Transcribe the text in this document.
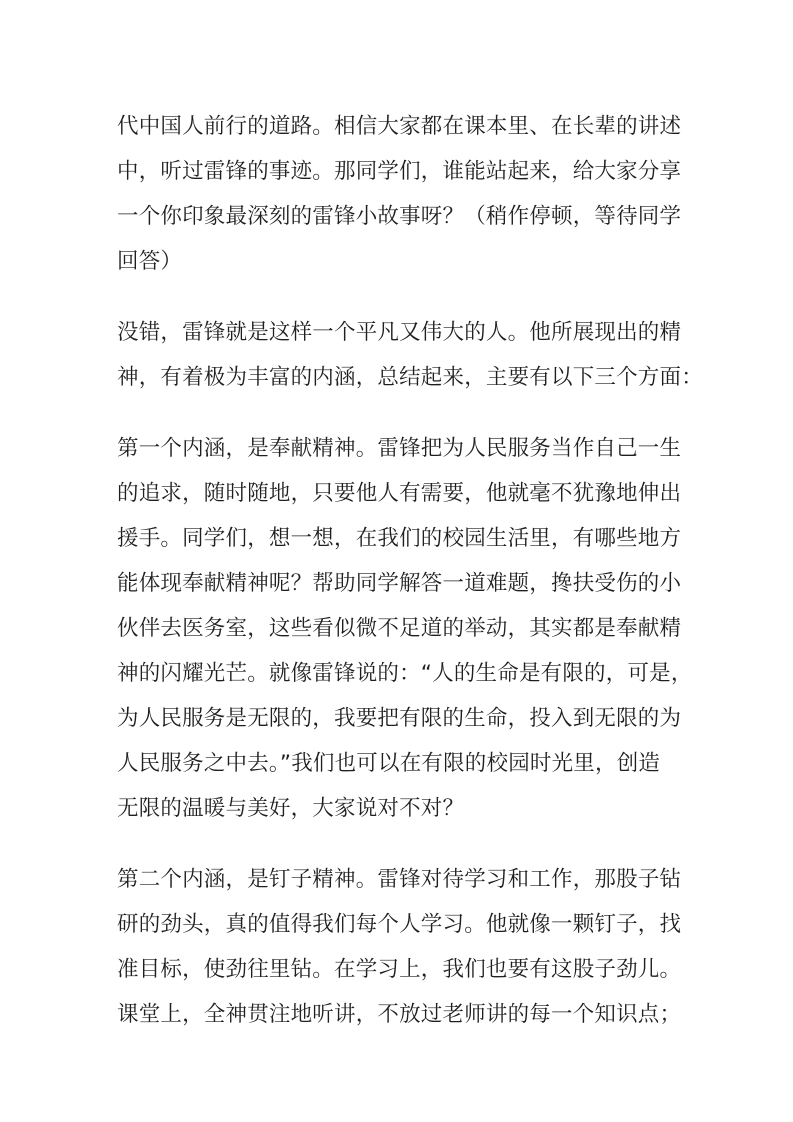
代中国人前行的道路。相信大家都在课本里、在长辈的讲述
中，听过雷锋的事迹。那同学们，谁能站起来，给大家分享
一个你印象最深刻的雷锋小故事呀？（稍作停顿，等待同学
回答）

没错，雷锋就是这样一个平凡又伟大的人。他所展现出的精
神，有着极为丰富的内涵，总结起来，主要有以下三个方面：

第一个内涵，是奉献精神。雷锋把为人民服务当作自己一生
的追求，随时随地，只要他人有需要，他就毫不犹豫地伸出
援手。同学们，想一想，在我们的校园生活里，有哪些地方
能体现奉献精神呢？帮助同学解答一道难题，搀扶受伤的小
伙伴去医务室，这些看似微不足道的举动，其实都是奉献精
神的闪耀光芒。就像雷锋说的：“人的生命是有限的，可是，
为人民服务是无限的，我要把有限的生命，投入到无限的为
人民服务之中去。”我们也可以在有限的校园时光里，创造
无限的温暖与美好，大家说对不对？

第二个内涵，是钉子精神。雷锋对待学习和工作，那股子钻
研的劲头，真的值得我们每个人学习。他就像一颗钉子，找
准目标，使劲往里钻。在学习上，我们也要有这股子劲儿。
课堂上，全神贯注地听讲，不放过老师讲的每一个知识点；
